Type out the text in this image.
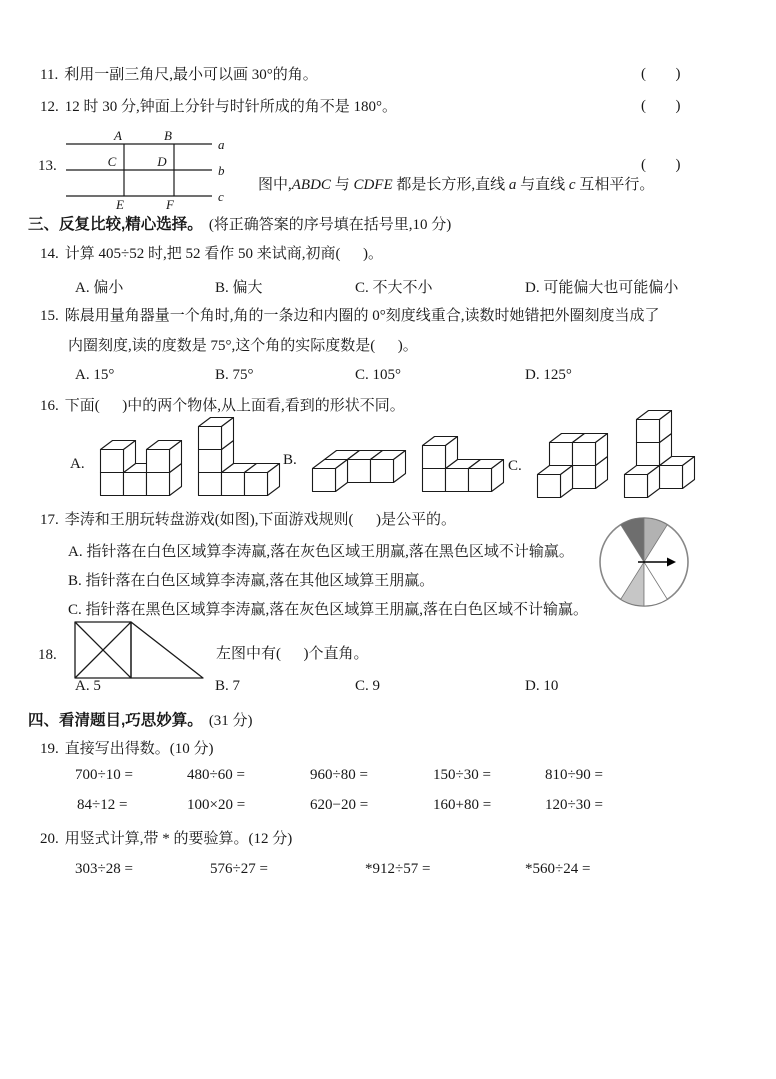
11. 利用一副三角尺,最小可以画 30°的角。	(      )
12. 12 时 30 分,钟面上分针与时针所成的角不是 180°。	(      )
13.
A	B
C	D
E	F
a
b
c

图中,ABDC 与 CDFE 都是长方形,直线 a 与直线 c 互相平行。

(      )
三、反复比较,精心选择。 (将正确答案的序号填在括号里,10 分)
14. 计算 405÷52 时,把 52 看作 50 来试商,初商(      )。
A. 偏小	B. 偏大	C. 不大不小	D. 可能偏大也可能偏小
15. 陈晨用量角器量一个角时,角的一条边和内圈的 0°刻度线重合,读数时她错把外圈刻度当成了
内圈刻度,读的度数是 75°,这个角的实际度数是(      )。
A. 15°	B. 75°	C. 105°	D. 125°
16. 下面(      )中的两个物体,从上面看,看到的形状不同。
A.	B.	C.
17. 李涛和王朋玩转盘游戏(如图),下面游戏规则(      )是公平的。
A. 指针落在白色区域算李涛赢,落在灰色区域王朋赢,落在黑色区域不计输赢。
B. 指针落在白色区域算李涛赢,落在其他区域算王朋赢。
C. 指针落在黑色区域算李涛赢,落在灰色区域算王朋赢,落在白色区域不计输赢。
18.	左图中有(      )个直角。
A. 5	B. 7	C. 9	D. 10
四、看清题目,巧思妙算。 (31 分)
19. 直接写出得数。(10 分)
700÷10 =	480÷60 =	960÷80 =	150÷30 =	810÷90 =
84÷12 =	100×20 =	620−20 =	160+80 =	120÷30 =
20. 用竖式计算,带 * 的要验算。(12 分)
303÷28 =	576÷27 =	*912÷57 =	*560÷24 =
